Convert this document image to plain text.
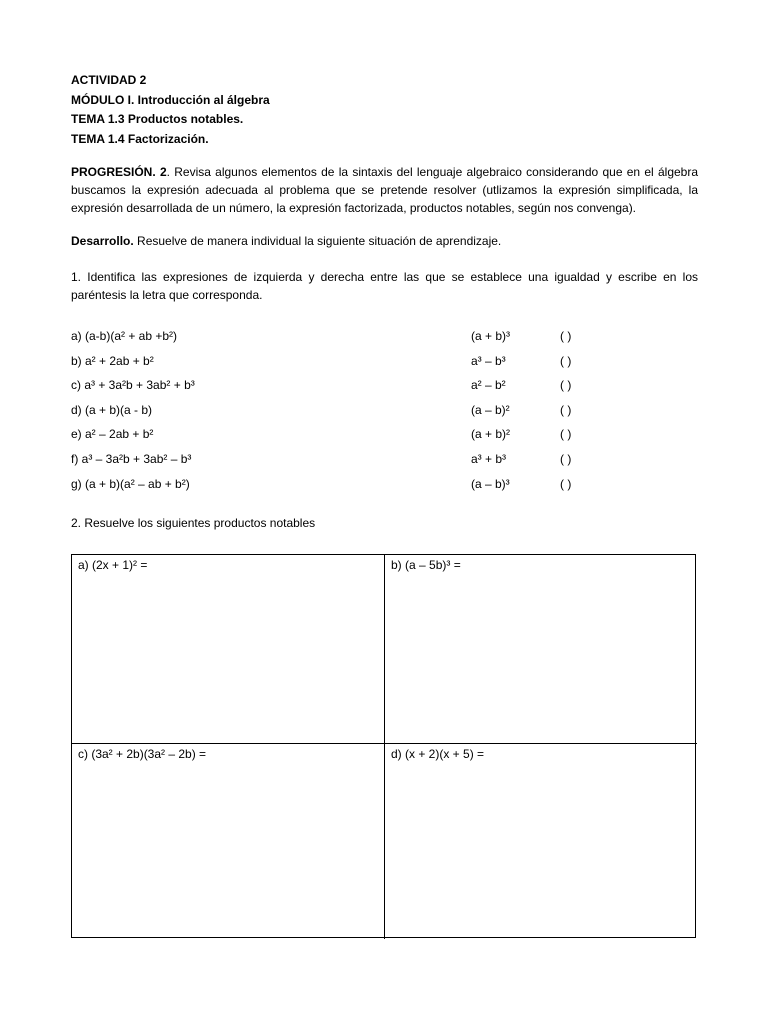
ACTIVIDAD 2
MÓDULO I. Introducción al álgebra
TEMA 1.3 Productos notables.
TEMA 1.4 Factorización.
PROGRESIÓN. 2. Revisa algunos elementos de la sintaxis del lenguaje algebraico considerando que en el álgebra buscamos la expresión adecuada al problema que se pretende resolver (utlizamos la expresión simplificada, la expresión desarrollada de un número, la expresión factorizada, productos notables, según nos convenga).
Desarrollo. Resuelve de manera individual la siguiente situación de aprendizaje.
1. Identifica las expresiones de izquierda y derecha entre las que se establece una igualdad y escribe en los paréntesis la letra que corresponda.
a) (a-b)(a² + ab +b²)	(a + b)³	( )
b) a² + 2ab + b²	a³ – b³	( )
c) a³ + 3a²b + 3ab² + b³	a² – b²	( )
d) (a + b)(a - b)	(a – b)²	( )
e) a² – 2ab + b²	(a + b)²	( )
f) a³ – 3a²b + 3ab² – b³	a³ + b³	( )
g) (a + b)(a² – ab + b²)	(a – b)³	( )
2. Resuelve los siguientes productos notables
a) (2x + 1)² =	b) (a – 5b)³ =
c) (3a² + 2b)(3a² – 2b) =	d) (x + 2)(x + 5) =
